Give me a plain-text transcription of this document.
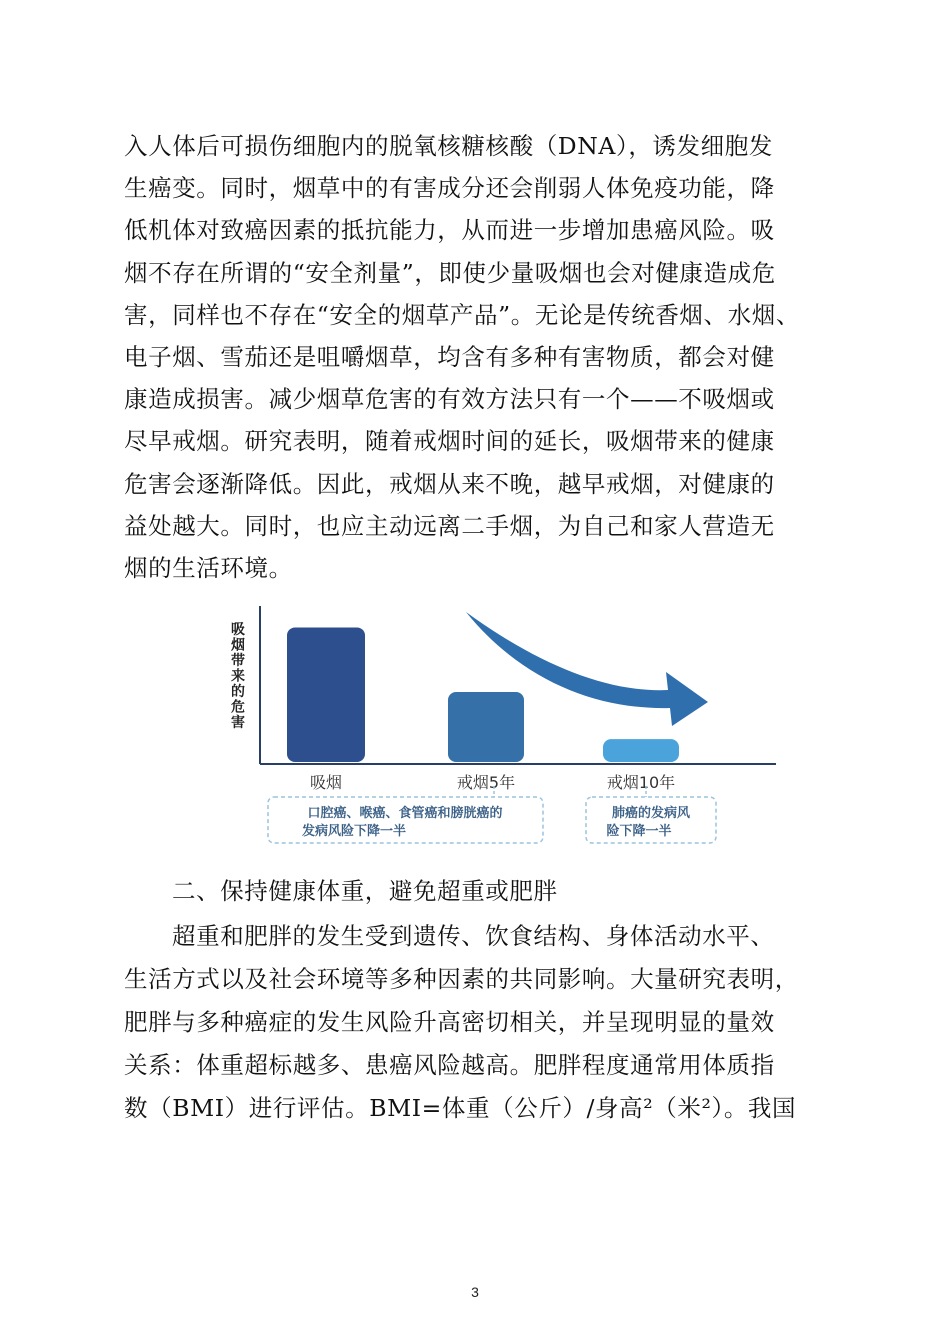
入人体后可损伤细胞内的脱氧核糖核酸（DNA），诱发细胞发
生癌变。同时，烟草中的有害成分还会削弱人体免疫功能，降
低机体对致癌因素的抵抗能力，从而进一步增加患癌风险。吸
烟不存在所谓的“安全剂量”，即使少量吸烟也会对健康造成危
害，同样也不存在“安全的烟草产品”。无论是传统香烟、水烟、
电子烟、雪茄还是咀嚼烟草，均含有多种有害物质，都会对健
康造成损害。减少烟草危害的有效方法只有一个——不吸烟或
尽早戒烟。研究表明，随着戒烟时间的延长，吸烟带来的健康
危害会逐渐降低。因此，戒烟从来不晚，越早戒烟，对健康的
益处越大。同时，也应主动远离二手烟，为自己和家人营造无
烟的生活环境。
吸
烟
带
来
的
危
害
吸烟	戒烟5年	戒烟10年
口腔癌、喉癌、食管癌和膀胱癌的
发病风险下降一半
肺癌的发病风
险下降一半
二、保持健康体重，避免超重或肥胖
超重和肥胖的发生受到遗传、饮食结构、身体活动水平、
生活方式以及社会环境等多种因素的共同影响。大量研究表明，
肥胖与多种癌症的发生风险升高密切相关，并呈现明显的量效
关系：体重超标越多、患癌风险越高。肥胖程度通常用体质指
数（BMI）进行评估。BMI=体重（公斤）/身高²（米²）。我国
3
